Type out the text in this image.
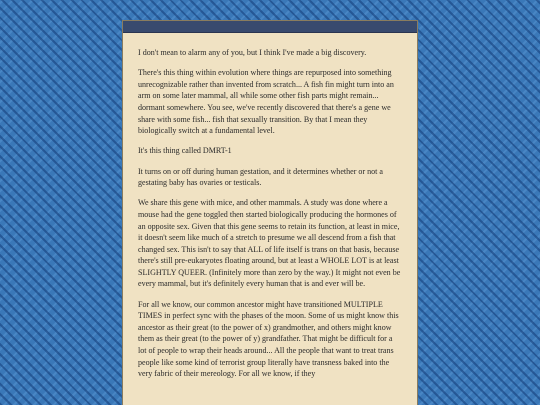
I don't mean to alarm any of you, but I think I've made a big discovery.

There's this thing within evolution where things are repurposed into something unrecognizable rather than invented from scratch... A fish fin might turn into an arm on some later mammal, all while some other fish parts might remain... dormant somewhere. You see, we've recently discovered that there's a gene we share with some fish... fish that sexually transition. By that I mean they biologically switch at a fundamental level.

It's this thing called DMRT-1

It turns on or off during human gestation, and it determines whether or not a gestating baby has ovaries or testicals.

We share this gene with mice, and other mammals. A study was done where a mouse had the gene toggled then started biologically producing the hormones of an opposite sex. Given that this gene seems to retain its function, at least in mice, it doesn't seem like much of a stretch to presume we all descend from a fish that changed sex. This isn't to say that ALL of life itself is trans on that basis, because there's still pre-eukaryotes floating around, but at least a WHOLE LOT is at least SLIGHTLY QUEER. (Infinitely more than zero by the way.) It might not even be every mammal, but it's definitely every human that is and ever will be.

For all we know, our common ancestor might have transitioned MULTIPLE TIMES in perfect sync with the phases of the moon. Some of us might know this ancestor as their great (to the power of x) grandmother, and others might know them as their great (to the power of y) grandfather. That might be difficult for a lot of people to wrap their heads around... All the people that want to treat trans people like some kind of terrorist group literally have transness baked into the very fabric of their mereology. For all we know, if they
